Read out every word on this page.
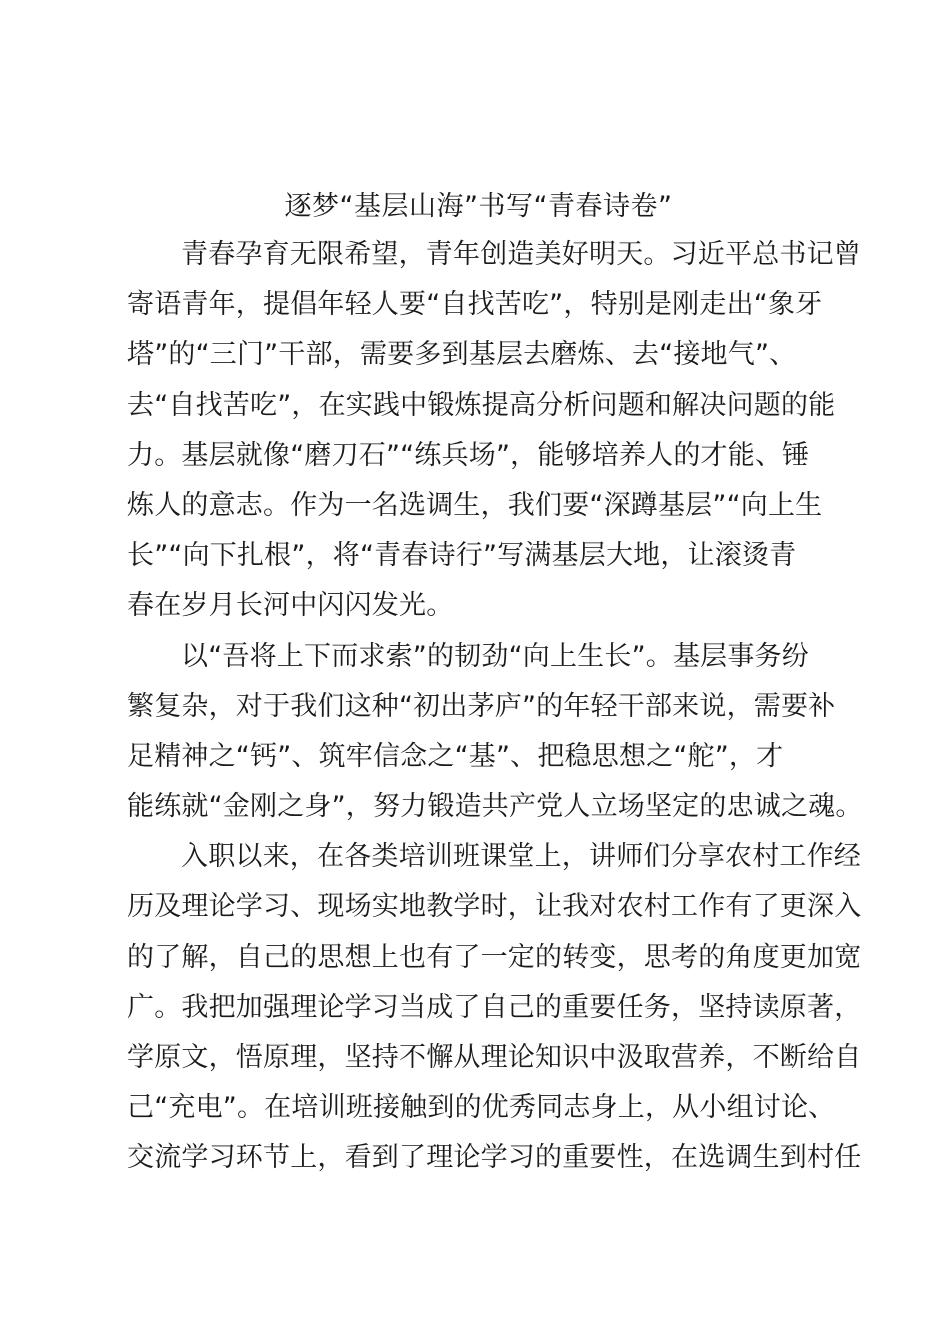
逐梦“基层山海”书写“青春诗卷”
青春孕育无限希望，青年创造美好明天。习近平总书记曾
寄语青年，提倡年轻人要“自找苦吃”，特别是刚走出“象牙
塔”的“三门”干部，需要多到基层去磨炼、去“接地气”、
去“自找苦吃”，在实践中锻炼提高分析问题和解决问题的能
力。基层就像“磨刀石”“练兵场”，能够培养人的才能、锤
炼人的意志。作为一名选调生，我们要“深蹲基层”“向上生
长”“向下扎根”，将“青春诗行”写满基层大地，让滚烫青
春在岁月长河中闪闪发光。
以“吾将上下而求索”的韧劲“向上生长”。基层事务纷
繁复杂，对于我们这种“初出茅庐”的年轻干部来说，需要补
足精神之“钙”、筑牢信念之“基”、把稳思想之“舵”，才
能练就“金刚之身”，努力锻造共产党人立场坚定的忠诚之魂。
入职以来，在各类培训班课堂上，讲师们分享农村工作经
历及理论学习、现场实地教学时，让我对农村工作有了更深入
的了解，自己的思想上也有了一定的转变，思考的角度更加宽
广。我把加强理论学习当成了自己的重要任务，坚持读原著，
学原文，悟原理，坚持不懈从理论知识中汲取营养，不断给自
己“充电”。在培训班接触到的优秀同志身上，从小组讨论、
交流学习环节上，看到了理论学习的重要性，在选调生到村任
